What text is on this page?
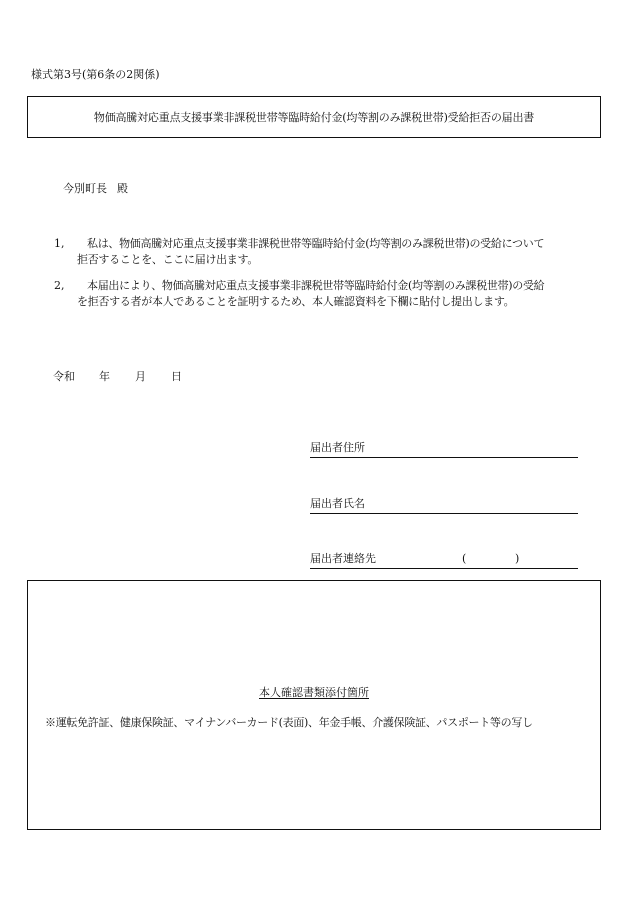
様式第3号(第6条の2関係)
物価高騰対応重点支援事業非課税世帯等臨時給付金(均等割のみ課税世帯)受給拒否の届出書
今別町長 殿
1,	私は、物価高騰対応重点支援事業非課税世帯等臨時給付金(均等割のみ課税世帯)の受給について
拒否することを、ここに届け出ます。
2,	本届出により、物価高騰対応重点支援事業非課税世帯等臨時給付金(均等割のみ課税世帯)の受給
を拒否する者が本人であることを証明するため、本人確認資料を下欄に貼付し提出します。
令和 年 月 日
届出者住所
届出者氏名
届出者連絡先	(	)
本人確認書類添付箇所
※運転免許証、健康保険証、マイナンバーカード(表面)、年金手帳、介護保険証、パスポート等の写し
